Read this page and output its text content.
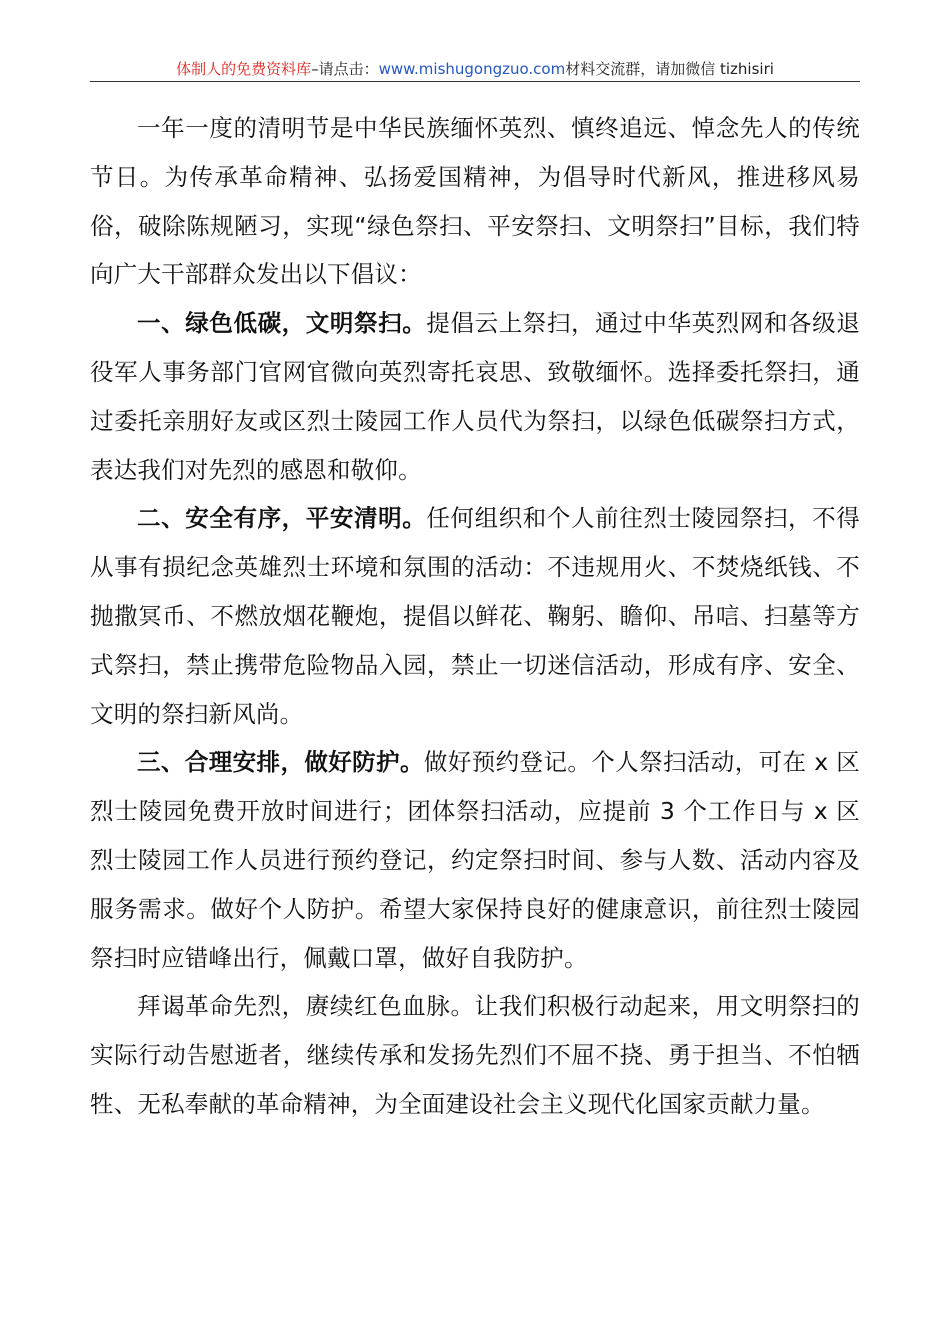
体制人的免费资料库–请点击：www.mishugongzuo.com材料交流群，请加微信 tizhisiri

一年一度的清明节是中华民族缅怀英烈、慎终追远、悼念先人的传统节日。为传承革命精神、弘扬爱国精神，为倡导时代新风，推进移风易俗，破除陈规陋习，实现“绿色祭扫、平安祭扫、文明祭扫”目标，我们特向广大干部群众发出以下倡议：

一、绿色低碳，文明祭扫。提倡云上祭扫，通过中华英烈网和各级退役军人事务部门官网官微向英烈寄托哀思、致敬缅怀。选择委托祭扫，通过委托亲朋好友或区烈士陵园工作人员代为祭扫，以绿色低碳祭扫方式，表达我们对先烈的感恩和敬仰。

二、安全有序，平安清明。任何组织和个人前往烈士陵园祭扫，不得从事有损纪念英雄烈士环境和氛围的活动：不违规用火、不焚烧纸钱、不抛撒冥币、不燃放烟花鞭炮，提倡以鲜花、鞠躬、瞻仰、吊唁、扫墓等方式祭扫，禁止携带危险物品入园，禁止一切迷信活动，形成有序、安全、文明的祭扫新风尚。

三、合理安排，做好防护。做好预约登记。个人祭扫活动，可在 x 区烈士陵园免费开放时间进行；团体祭扫活动，应提前 3 个工作日与 x 区烈士陵园工作人员进行预约登记，约定祭扫时间、参与人数、活动内容及服务需求。做好个人防护。希望大家保持良好的健康意识，前往烈士陵园祭扫时应错峰出行，佩戴口罩，做好自我防护。

拜谒革命先烈，赓续红色血脉。让我们积极行动起来，用文明祭扫的实际行动告慰逝者，继续传承和发扬先烈们不屈不挠、勇于担当、不怕牺牲、无私奉献的革命精神，为全面建设社会主义现代化国家贡献力量。
